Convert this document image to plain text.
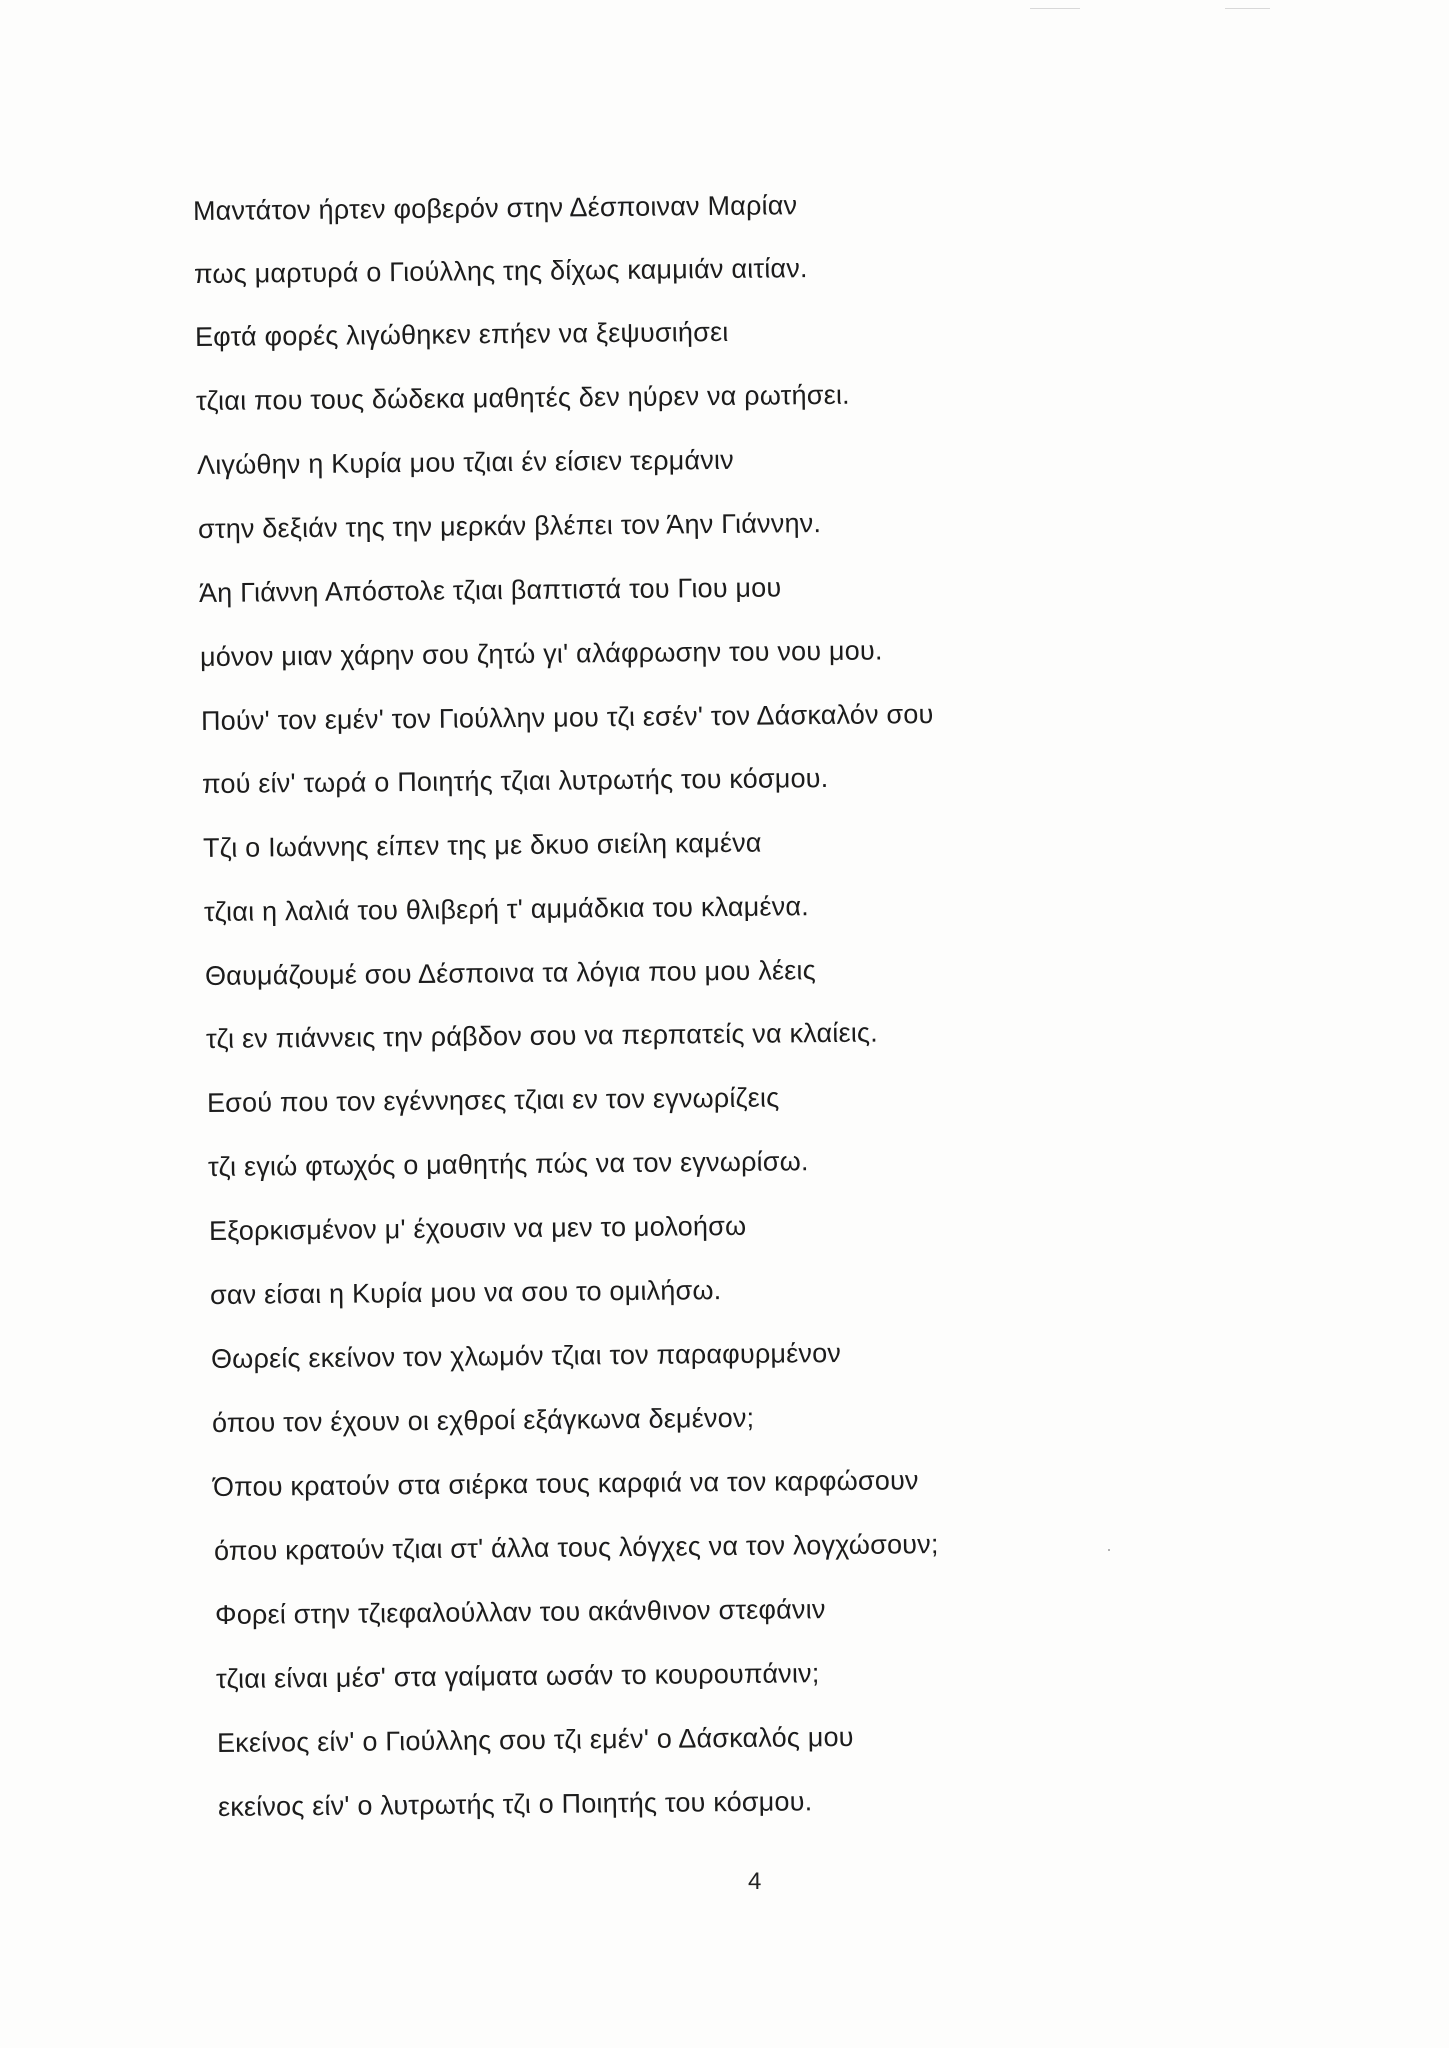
Μαντάτον ήρτεν φοβερόν στην Δέσποιναν Μαρίαν
πως μαρτυρά ο Γιούλλης της δίχως καμμιάν αιτίαν.
Εφτά φορές λιγώθηκεν επήεν να ξεψυσιήσει
τζιαι που τους δώδεκα μαθητές δεν ηύρεν να ρωτήσει.
Λιγώθην η Κυρία μου τζιαι έν είσιεν τερμάνιν
στην δεξιάν της την μερκάν βλέπει τον Άην Γιάννην.
Άη Γιάννη Απόστολε τζιαι βαπτιστά του Γιου μου
μόνον μιαν χάρην σου ζητώ γι' αλάφρωσην του νου μου.
Πούν' τον εμέν' τον Γιούλλην μου τζι εσέν' τον Δάσκαλόν σου
πού είν' τωρά ο Ποιητής τζιαι λυτρωτής του κόσμου.
Τζι ο Ιωάννης είπεν της με δκυο σιείλη καμένα
τζιαι η λαλιά του θλιβερή τ' αμμάδκια του κλαμένα.
Θαυμάζουμέ σου Δέσποινα τα λόγια που μου λέεις
τζι εν πιάννεις την ράβδον σου να περπατείς να κλαίεις.
Εσού που τον εγέννησες τζιαι εν τον εγνωρίζεις
τζι εγιώ φτωχός ο μαθητής πώς να τον εγνωρίσω.
Εξορκισμένον μ' έχουσιν να μεν το μολοήσω
σαν είσαι η Κυρία μου να σου το ομιλήσω.
Θωρείς εκείνον τον χλωμόν τζιαι τον παραφυρμένον
όπου τον έχουν οι εχθροί εξάγκωνα δεμένον;
Όπου κρατούν στα σιέρκα τους καρφιά να τον καρφώσουν
όπου κρατούν τζιαι στ' άλλα τους λόγχες να τον λογχώσουν;
Φορεί στην τζιεφαλούλλαν του ακάνθινον στεφάνιν
τζιαι είναι μέσ' στα γαίματα ωσάν το κουρουπάνιν;
Εκείνος είν' ο Γιούλλης σου τζι εμέν' ο Δάσκαλός μου
εκείνος είν' ο λυτρωτής τζι ο Ποιητής του κόσμου.
4
